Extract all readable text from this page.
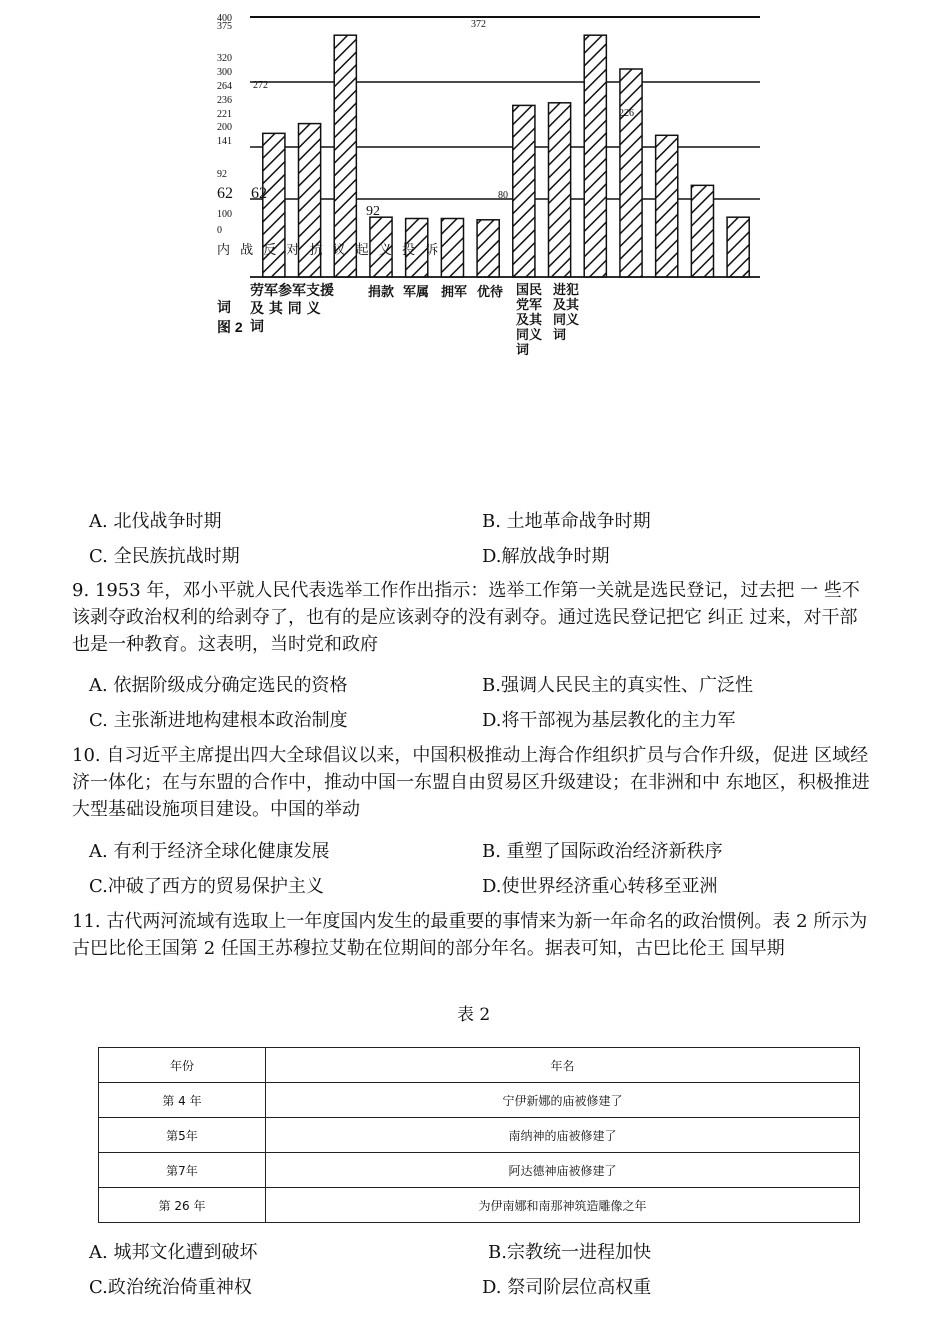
400
375
320
300
264
236
221
200
141
92
62 62
100
0
372
272
226
80
92
内 战 反 对 抗 议 起 义 投 诉
劳军参军支援
及 其 同 义
词
捐款 军属 拥军 优待 国民
党军
及其
同义
词
进犯
及其
同义
词
词
图 2
A. 北伐战争时期	B. 土地革命战争时期
C. 全民族抗战时期	D.解放战争时期
9. 1953 年，邓小平就人民代表选举工作作出指示：选举工作第一关就是选民登记，过去把 一 些不该剥夺政治权利的给剥夺了，也有的是应该剥夺的没有剥夺。通过选民登记把它 纠正 过来，对干部也是一种教育。这表明，当时党和政府
A. 依据阶级成分确定选民的资格	B.强调人民民主的真实性、广泛性
C. 主张渐进地构建根本政治制度	D.将干部视为基层教化的主力军
10. 自习近平主席提出四大全球倡议以来，中国积极推动上海合作组织扩员与合作升级，促进 区域经济一体化；在与东盟的合作中，推动中国一东盟自由贸易区升级建设；在非洲和中 东地区，积极推进大型基础设施项目建设。中国的举动
A. 有利于经济全球化健康发展	B. 重塑了国际政治经济新秩序
C.冲破了西方的贸易保护主义	D.使世界经济重心转移至亚洲
11. 古代两河流域有选取上一年度国内发生的最重要的事情来为新一年命名的政治惯例。表 2 所示为古巴比伦王国第 2 任国王苏穆拉艾勒在位期间的部分年名。据表可知，古巴比伦王 国早期
表 2
年份	年名
第 4 年	宁伊新娜的庙被修建了
第5年	南纳神的庙被修建了
第7年	阿达德神庙被修建了
第 26 年	为伊南娜和南那神筑造雕像之年
A. 城邦文化遭到破坏	B.宗教统一进程加快
C.政治统治倚重神权	D. 祭司阶层位高权重
